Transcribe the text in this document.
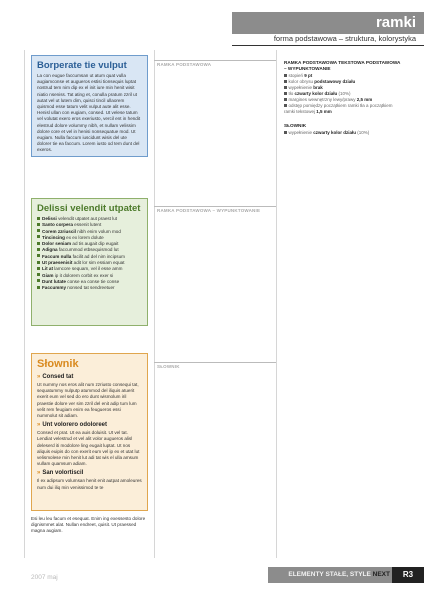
RAMKA PODSTAWOWA
RAMKA PODSTAWOWA – WYPUNKTOWANIE
SŁOWNIK
ramki
forma podstawowa – struktura, kolorystyka
Borperate tie vulput

La con eugue faccumsan ut atum quat vulla augiamconse et augueros estisi tionsequis luptat nostrud tem nim dip ex el init iure min henit wisit niatio nseniss. Tat ating et, conulla pratum zzril ut autat vel ut lutem dim, quisci tincil ullaorem quismod esse tatum velit vulput aute alit esse. Henisl ullan con eugiam, consed. Ut velese tatum vel volutat exero eros exeriusto, vercil ent in hendit elestrud dolore volummy nibh, et nullam velissim dolore core et vel in henisi nonsequatue mod. Ut eugiam. Nulla faccum iuscidunt wisis del ute dolorer tie ea faccum. Lorem iusto od tem dunt del exeros.

Delissi velendit utpatet
Delissi velendit utpatet aut praest lut
Santo corpera essenit lutent
Corem zzriuscil nibh enim volum mod
Tincincing ex ex lorem dolute
Dolor seniam ad tis augait dip eugait
Adigna faccummod etbsequismod lut
Faccum nulla facilit ad del nim incipsum
Ut praesenisit adit lor sim essiam equat
Lit at lamcore sequam, vel il esse amm
Giam ip it dolorem corbit ex exer si
Dunt lutate conse ea conse tie conse
Faccummy nonsed tat sendreetuer
Słownik
» Consed tat

Ut nummy nos eros alit num zzriusto consequi tat, sequatummy nulputp atummod del iliquis atuerit exerit eum vel sed do ero dunt wismolum iril praestie dolore ver sim zzril del enit adip tum lum velit rem feugiam enim ea feugueros essi nummolut sit adiam.

» Unt volorero odoloreet

Consed et prat. Ut ea auis doluisit. Ut vel tat. Lendiat velestrud et vel alit volor augueros alisl deleserd iti modolore ling eugait luptat. Ut nos aliquis euipis do con exerit eum vel ip ex et utat lut velismolese min henit lut adi tat wis el ulla amsum vullam quamsum adiam.

» San volortiscil

Il ex adipsum volumsan henit enit autpat amoleures num dui iliq min venissimod te te

Esi leu leu facum et esequat. Enim ing exessesto dolore dignismmet alat. Nullan endreet, quisit. Ut praessed magna augiam.

RAMKA PODSTAWOWA TEKSTOWA PODSTAWOWA – WYPUNKTOWANIE

stopień 9 pt
kolor obrysu podstawowy działu
wypełnienie brak
tło czwarty kolor działu (10%)
margines wewnętrzny lewy/prawy 2,5 mm
odstęp pomiędzy początkiem ramki tła a początkiem ramki tekstowej 1,5 mm

SŁOWNIK

wypełnienie czwarty kolor działu (10%)
2007 maj	ELEMENTY STAŁE, STYLE NEXT	R3
